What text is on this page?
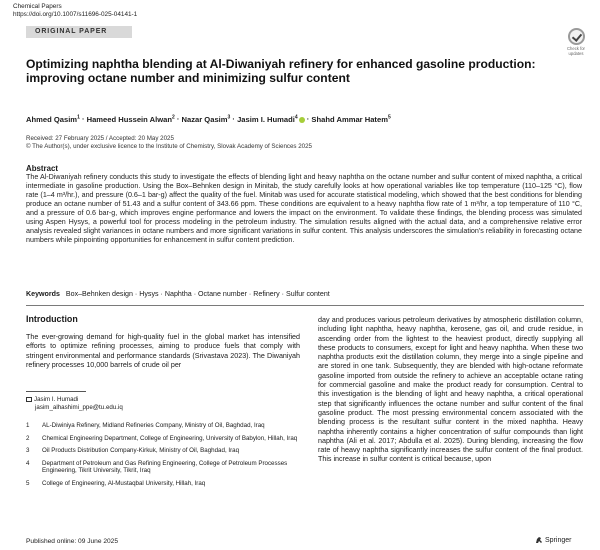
Chemical Papers
https://doi.org/10.1007/s11696-025-04141-1
ORIGINAL PAPER
Check for
updates
Optimizing naphtha blending at Al-Diwaniyah refinery for enhanced gasoline production: improving octane number and minimizing sulfur content
Ahmed Qasim$^1$ · Hameed Hussein Alwan$^2$ · Nazar Qasim$^3$ · Jasim I. Humadi$^4$ · Shahd Ammar Hatem$^5$
Received: 27 February 2025 / Accepted: 20 May 2025
© The Author(s), under exclusive licence to the Institute of Chemistry, Slovak Academy of Sciences 2025
Abstract
The Al-Diwaniyah refinery conducts this study to investigate the effects of blending light and heavy naphtha on the octane number and sulfur content of mixed naphtha, a critical intermediate in gasoline production. Using the Box–Behnken design in Minitab, the study carefully looks at how operational variables like top temperature (110–125 °C), flow rate (1–4 m³/hr.), and pressure (0.6–1 bar-g) affect the quality of the fuel. Minitab was used for accurate statistical modeling, which showed that the best conditions for blending produce an octane number of 51.43 and a sulfur content of 343.66 ppm. These conditions are equivalent to a heavy naphtha flow rate of 1 m³/hr, a top temperature of 110 °C, and a pressure of 0.6 bar-g, which improves engine performance and lowers the impact on the environment. To validate these findings, the blending process was simulated using Aspen Hysys, a powerful tool for process modeling in the petroleum industry. The simulation results aligned with the actual data, and a comprehensive relative error analysis revealed slight variances in octane numbers and more significant variations in sulfur content. This analysis underscores the simulation's reliability in forecasting octane numbers while pinpointing opportunities for enhancement in sulfur content prediction.
Keywords Box–Behnken design · Hysys · Naphtha · Octane number · Refinery · Sulfur content
Introduction
The ever-growing demand for high-quality fuel in the global market has intensified efforts to optimize refining processes, aiming to produce fuels that comply with stringent environmental and performance standards (Srivastava 2023). The Diwaniyah refinery processes 10,000 barrels of crude oil per
day and produces various petroleum derivatives by atmospheric distillation column, including light naphtha, heavy naphtha, kerosene, gas oil, and crude residue, in ascending order from the lightest to the heaviest product, directly supplying all these products to consumers, except for light and heavy naphtha. When these two naphtha products exit the distillation column, they merge into a single pipeline and are stored in one tank. Subsequently, they are blended with high-octane reformate gasoline imported from outside the refinery to achieve an acceptable octane rating for commercial gasoline and make the product ready for consumption. Central to this investigation is the blending of light and heavy naphtha, a critical operational step that significantly influences the octane number and sulfur content of the final gasoline product. The most pressing environmental concern associated with the blending process is the resultant sulfur content in the mixed naphtha. Heavy naphtha inherently contains a higher concentration of sulfur compounds than light naphtha (Ali et al. 2017; Abdulla et al. 2025). During blending, increasing the flow rate of heavy naphtha significantly increases the sulfur content of the final product. This increase in sulfur content is critical because, upon
Jasim I. Humadi
jasim_alhashimi_ppe@tu.edu.iq
1	AL-Diwiniya Refinery, Midland Refineries Company, Ministry of Oil, Baghdad, Iraq
2	Chemical Engineering Department, College of Engineering, University of Babylon, Hillah, Iraq
3	Oil Products Distribution Company-Kirkuk, Ministry of Oil, Baghdad, Iraq
4	Department of Petroleum and Gas Refining Engineering, College of Petroleum Processes Engineering, Tikrit University, Tikrit, Iraq
5	College of Engineering, Al-Mustaqbal University, Hillah, Iraq
Published online: 09 June 2025	Springer
